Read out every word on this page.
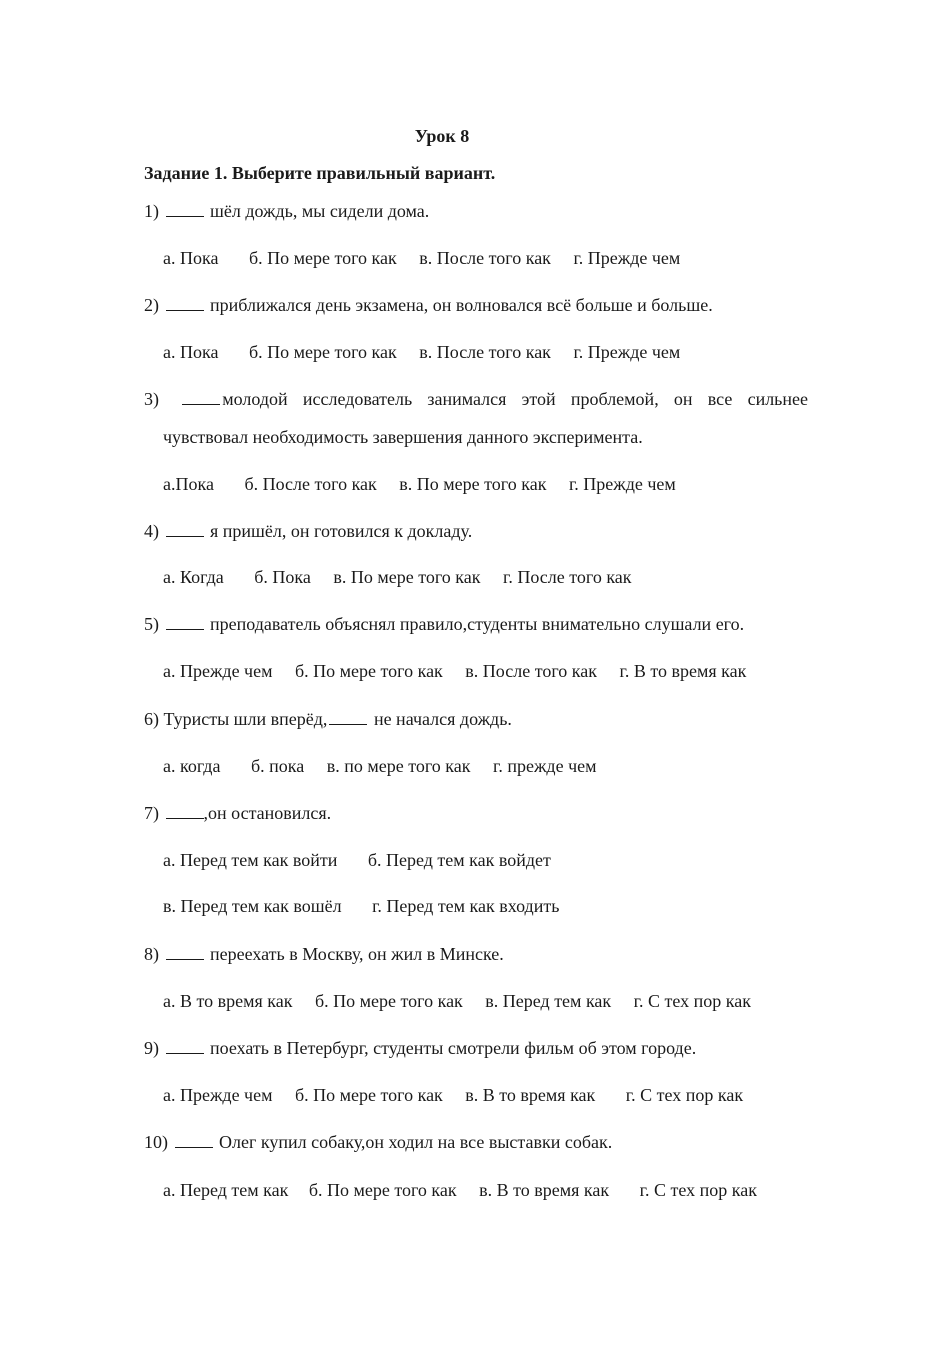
Урок 8
Задание 1. Выберите правильный вариант.
1)	шёл дождь, мы сидели дома.
а. Пока б. По мере того как в. После того как г. Прежде чем
2)	приближался день экзамена, он волновался всё больше и больше.
а. Пока б. По мере того как в. После того как г. Прежде чем
3)	молодой исследователь занимался этой проблемой, он все сильнее
чувствовал необходимость завершения данного эксперимента.
а.Пока б. После того как в. По мере того как г. Прежде чем
4)	я пришёл, он готовился к докладу.
а. Когда б. Пока в. По мере того как г. После того как
5)	преподаватель объяснял правило,студенты внимательно слушали его.
а. Прежде чем б. По мере того как в. После того как г. В то время как
6) Туристы шли вперёд,	не начался дождь.
а. когда б. пока в. по мере того как г. прежде чем
7) ,он остановился.
а. Перед тем как войти б. Перед тем как войдет
в. Перед тем как вошёл г. Перед тем как входить
8)	переехать в Москву, он жил в Минске.
а. В то время как б. По мере того как в. Перед тем как г. С тех пор как
9)	поехать в Петербург, студенты смотрели фильм об этом городе.
а. Прежде чем б. По мере того как в. В то время как г. С тех пор как
10)	Олег купил собаку,он ходил на все выставки собак.
а. Перед тем как б. По мере того как в. В то время как г. С тех пор как
